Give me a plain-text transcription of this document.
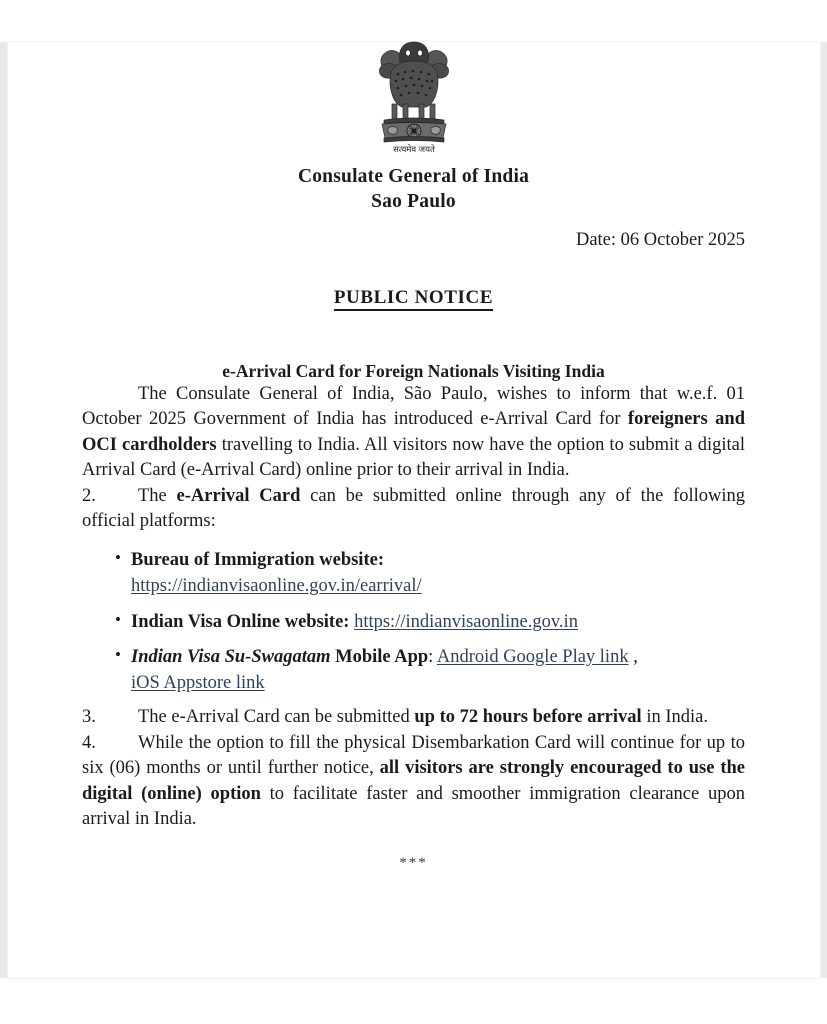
सत्यमेव जयते
Consulate General of India
Sao Paulo
Date: 06 October 2025
PUBLIC NOTICE
e-Arrival Card for Foreign Nationals Visiting India

The Consulate General of India, São Paulo, wishes to inform that w.e.f. 01 October 2025 Government of India has introduced e-Arrival Card for foreigners and OCI cardholders travelling to India. All visitors now have the option to submit a digital Arrival Card (e-Arrival Card) online prior to their arrival in India.

2. The e-Arrival Card can be submitted online through any of the following official platforms:

• Bureau of Immigration website:
https://indianvisaonline.gov.in/earrival/
• Indian Visa Online website: https://indianvisaonline.gov.in
• Indian Visa Su-Swagatam Mobile App: Android Google Play link ,
iOS Appstore link

3. The e-Arrival Card can be submitted up to 72 hours before arrival in India.

4. While the option to fill the physical Disembarkation Card will continue for up to six (06) months or until further notice, all visitors are strongly encouraged to use the digital (online) option to facilitate faster and smoother immigration clearance upon arrival in India.

***
